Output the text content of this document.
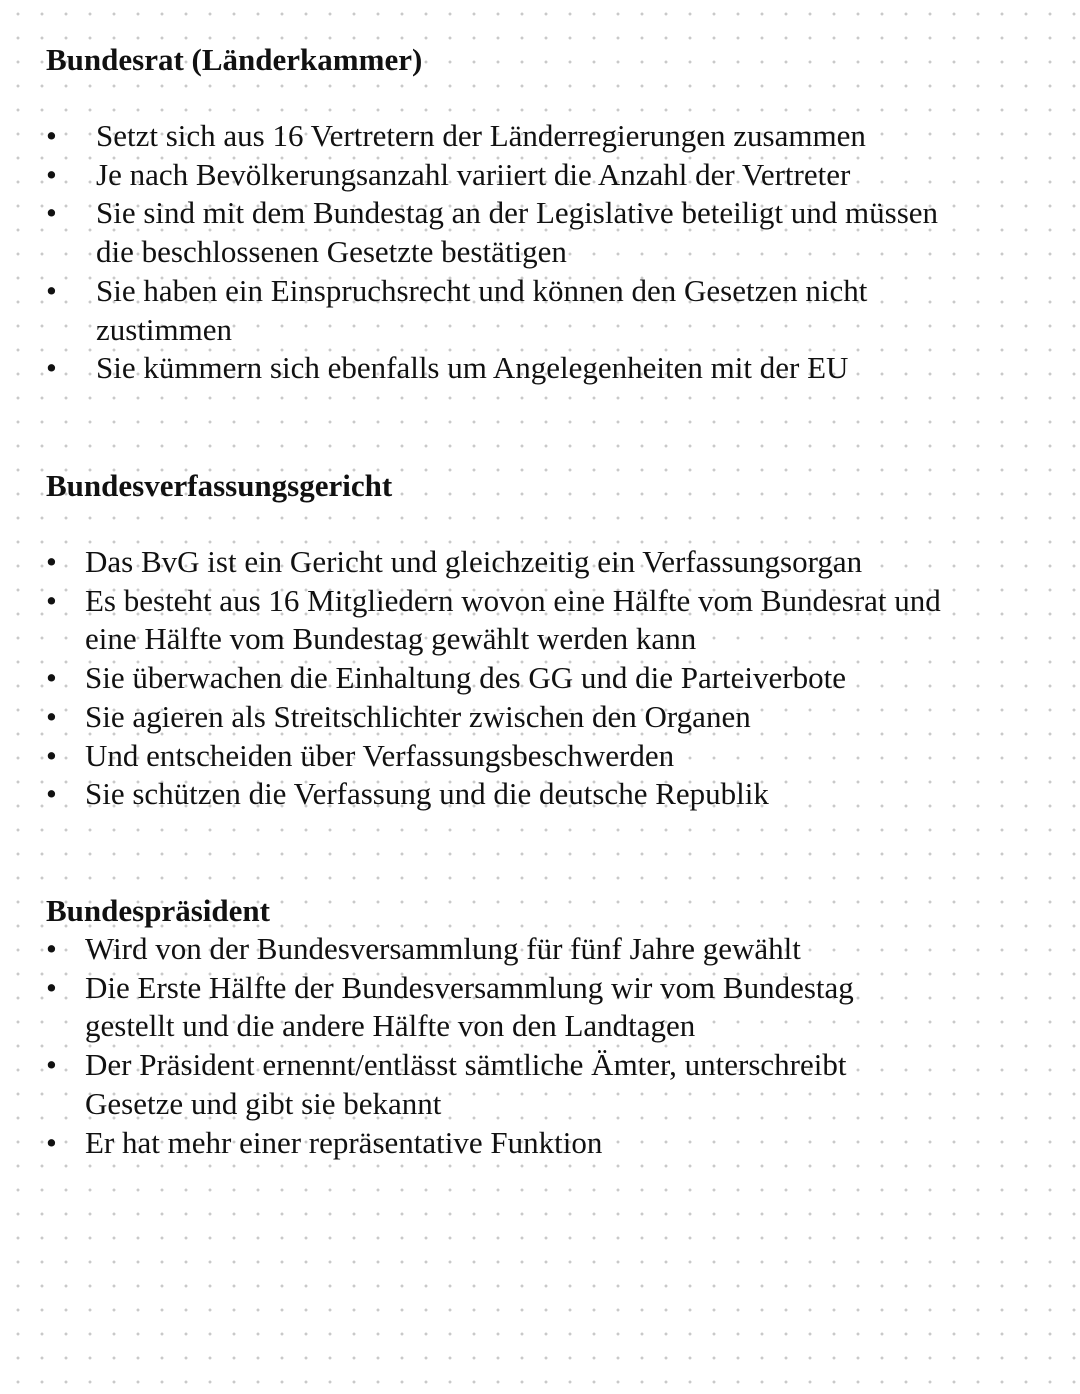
Bundesrat (Länderkammer)
• Setzt sich aus 16 Vertretern der Länderregierungen zusammen
• Je nach Bevölkerungsanzahl variiert die Anzahl der Vertreter
• Sie sind mit dem Bundestag an der Legislative beteiligt und müssen die beschlossenen Gesetzte bestätigen
• Sie haben ein Einspruchsrecht und können den Gesetzen nicht zustimmen
• Sie kümmern sich ebenfalls um Angelegenheiten mit der EU
Bundesverfassungsgericht
• Das BvG ist ein Gericht und gleichzeitig ein Verfassungsorgan
• Es besteht aus 16 Mitgliedern wovon eine Hälfte vom Bundesrat und eine Hälfte vom Bundestag gewählt werden kann
• Sie überwachen die Einhaltung des GG und die Parteiverbote
• Sie agieren als Streitschlichter zwischen den Organen
• Und entscheiden über Verfassungsbeschwerden
• Sie schützen die Verfassung und die deutsche Republik
Bundespräsident
• Wird von der Bundesversammlung für fünf Jahre gewählt
• Die Erste Hälfte der Bundesversammlung wir vom Bundestag gestellt und die andere Hälfte von den Landtagen
• Der Präsident ernennt/entlässt sämtliche Ämter, unterschreibt Gesetze und gibt sie bekannt
• Er hat mehr einer repräsentative Funktion
